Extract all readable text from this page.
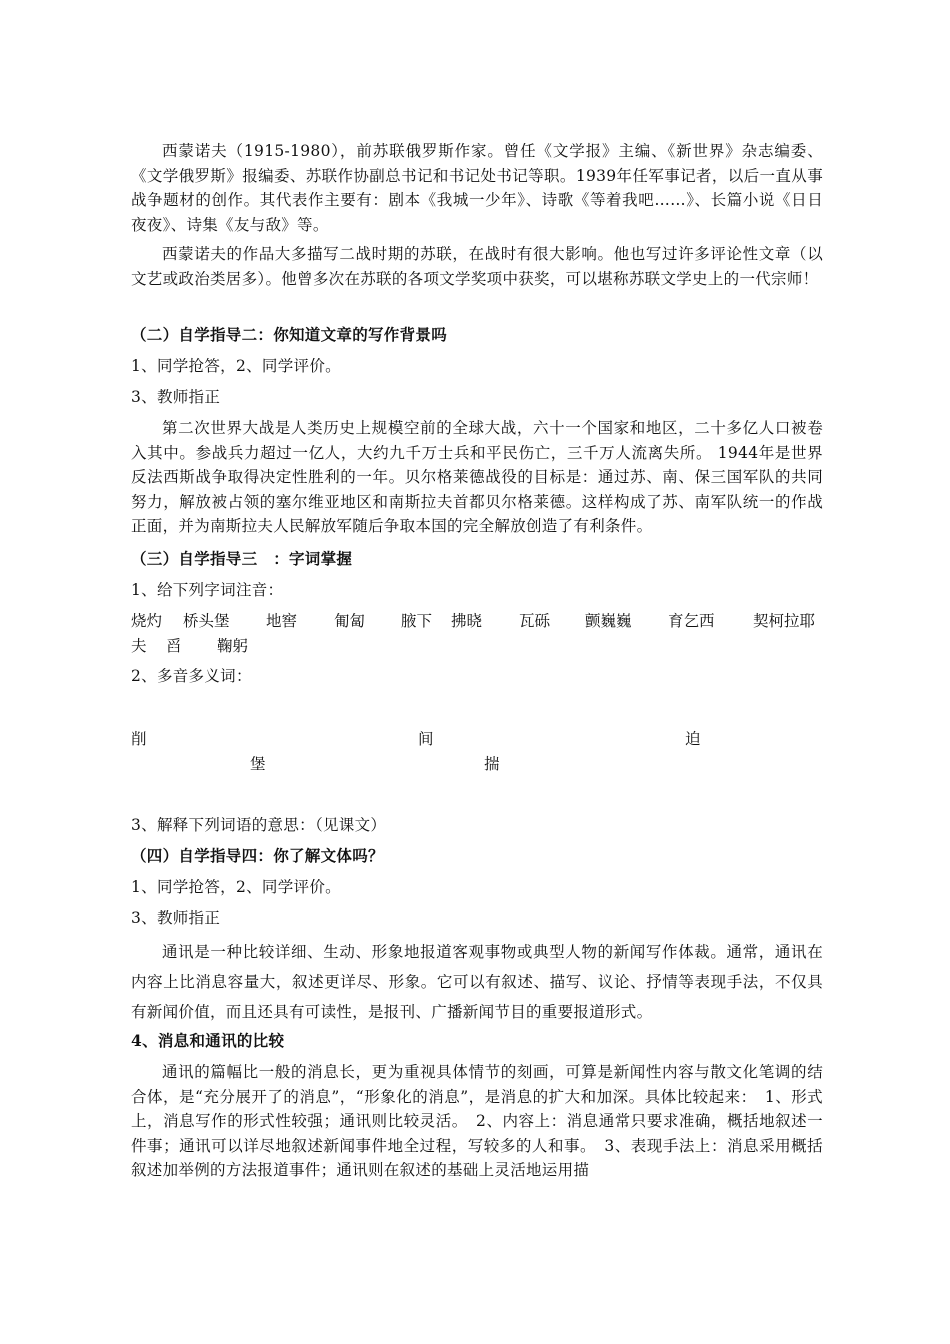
西蒙诺夫（1915-1980），前苏联俄罗斯作家。曾任《文学报》主编、《新世界》杂志编委、《文学俄罗斯》报编委、苏联作协副总书记和书记处书记等职。1939年任军事记者，以后一直从事战争题材的创作。其代表作主要有：剧本《我城一少年》、诗歌《等着我吧……》、长篇小说《日日夜夜》、诗集《友与敌》等。

西蒙诺夫的作品大多描写二战时期的苏联，在战时有很大影响。他也写过许多评论性文章（以文艺或政治类居多）。他曾多次在苏联的各项文学奖项中获奖，可以堪称苏联文学史上的一代宗师！

（二）自学指导二：你知道文章的写作背景吗

1、同学抢答，2、同学评价。

3、教师指正

第二次世界大战是人类历史上规模空前的全球大战，六十一个国家和地区，二十多亿人口被卷入其中。参战兵力超过一亿人，大约九千万士兵和平民伤亡，三千万人流离失所。 1944年是世界反法西斯战争取得决定性胜利的一年。贝尔格莱德战役的目标是：通过苏、南、保三国军队的共同努力，解放被占领的塞尔维亚地区和南斯拉夫首都贝尔格莱德。这样构成了苏、南军队统一的作战正面，并为南斯拉夫人民解放军随后争取本国的完全解放创造了有利条件。

（三）自学指导三　：字词掌握

1、给下列字词注音：

烧灼 桥头堡 地窖 匍匐 腋下 拂晓 瓦砾 颤巍巍 育乞西 契柯拉耶
夫 舀 鞠躬

2、多音多义词：

削	间	迫
堡	揣

3、解释下列词语的意思：（见课文）

（四）自学指导四：你了解文体吗？

1、同学抢答，2、同学评价。

3、教师指正

通讯是一种比较详细、生动、形象地报道客观事物或典型人物的新闻写作体裁。通常，通讯在内容上比消息容量大，叙述更详尽、形象。它可以有叙述、描写、议论、抒情等表现手法，不仅具有新闻价值，而且还具有可读性，是报刊、广播新闻节目的重要报道形式。

4、消息和通讯的比较

通讯的篇幅比一般的消息长，更为重视具体情节的刻画，可算是新闻性内容与散文化笔调的结合体，是“充分展开了的消息”，“形象化的消息”，是消息的扩大和加深。具体比较起来：　1、形式上，消息写作的形式性较强；通讯则比较灵活。　2、内容上：消息通常只要求准确，概括地叙述一件事；通讯可以详尽地叙述新闻事件地全过程，写较多的人和事。　3、表现手法上：消息采用概括叙述加举例的方法报道事件；通讯则在叙述的基础上灵活地运用描
